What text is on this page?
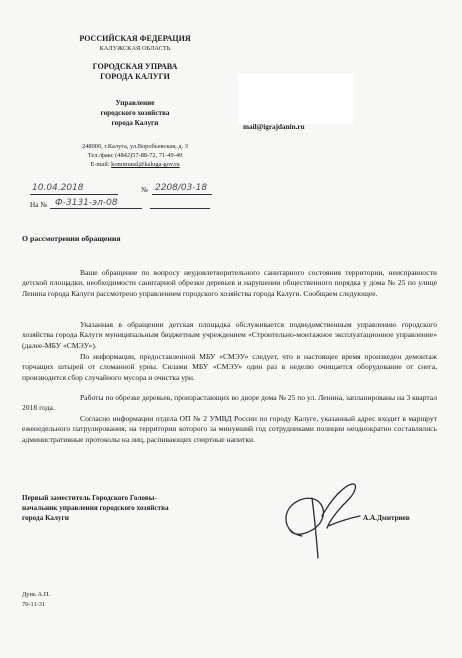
РОССИЙСКАЯ ФЕДЕРАЦИЯ
КАЛУЖСКАЯ ОБЛАСТЬ
ГОРОДСКАЯ УПРАВА
ГОРОДА КАЛУГИ
Управление
городского хозяйства
города Калуги
248000, г.Калуга, ул.Воробьевская, д. 3
Тел./факс (4842)57-88-72, 71-49-49
E-mail: kommunal@kaluga-gov.ru
mail@igrajdanin.ru
10.04.2018	№ 2208/03-18
На № Ф-3131-эл-08
О рассмотрении обращения
Ваше обращение по вопросу неудовлетворительного санитарного состояния территории, неисправности детской площадки, необходимости санитарной обрезки деревьев и нарушении общественного порядка у дома № 25 по улице Ленина города Калуги рассмотрено управлением городского хозяйства города Калуги. Сообщаем следующее.
Указанная в обращении детская площадка обслуживается подведомственным управлению городского хозяйства города Калуги муниципальным бюджетным учреждением «Строительно-монтажное эксплуатационное управление» (далее-МБУ «СМЭУ»).
По информации, предоставленной МБУ «СМЭУ» следует, что в настоящее время произведен демонтаж торчащих штырей от сломанной урны. Силами МБУ «СМЭУ» один раз в неделю очищается оборудование от снега, производится сбор случайного мусора и очистка урн.
Работы по обрезке деревьев, произрастающих во дворе дома № 25 по ул. Ленина, запланированы на 3 квартал 2018 года.
Согласно информации отдела ОП № 2 УМВД России по городу Калуге, указанный адрес входит в маршрут еженедельного патрулирования, на территории которого за минувший год сотрудниками полиции неоднократно составлялись административные протоколы на лиц, распивающих спиртные напитки.
Первый заместитель Городского Головы-
начальник управления городского хозяйства
города Калуги	А.А.Дмитриев
Дунь А.П.
70-11-31
